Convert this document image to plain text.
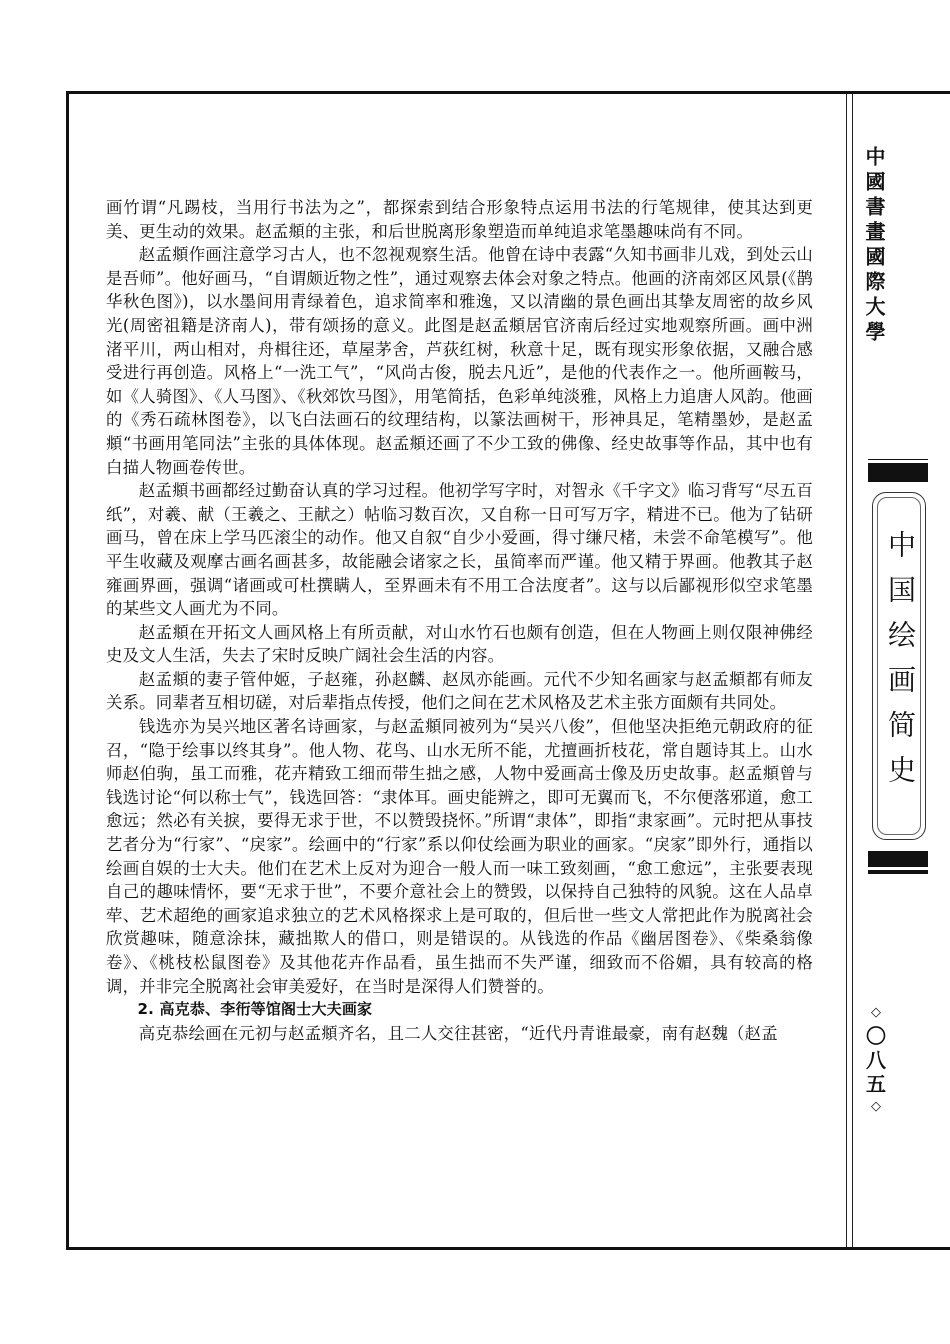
画竹谓“凡踢枝，当用行书法为之”，都探索到结合形象特点运用书法的行笔规律，使其达到更美、更生动的效果。赵孟頫的主张，和后世脱离形象塑造而单纯追求笔墨趣味尚有不同。

赵孟頫作画注意学习古人，也不忽视观察生活。他曾在诗中表露“久知书画非儿戏，到处云山是吾师”。他好画马，“自谓颇近物之性”，通过观察去体会对象之特点。他画的济南郊区风景(《鹊华秋色图》)，以水墨间用青绿着色，追求简率和雅逸，又以清幽的景色画出其挚友周密的故乡风光(周密祖籍是济南人)，带有颂扬的意义。此图是赵孟頫居官济南后经过实地观察所画。画中洲渚平川，两山相对，舟楫往还，草屋茅舍，芦荻红树，秋意十足，既有现实形象依据，又融合感受进行再创造。风格上“一洗工气”，“风尚古俊，脱去凡近”，是他的代表作之一。他所画鞍马，如《人骑图》、《人马图》、《秋郊饮马图》，用笔简括，色彩单纯淡雅，风格上力追唐人风韵。他画的《秀石疏林图卷》，以飞白法画石的纹理结构，以篆法画树干，形神具足，笔精墨妙，是赵孟頫“书画用笔同法”主张的具体体现。赵孟頫还画了不少工致的佛像、经史故事等作品，其中也有白描人物画卷传世。

赵孟頫书画都经过勤奋认真的学习过程。他初学写字时，对智永《千字文》临习背写“尽五百纸”，对羲、献（王羲之、王献之）帖临习数百次，又自称一日可写万字，精进不已。他为了钻研画马，曾在床上学马匹滚尘的动作。他又自叙“自少小爱画，得寸缣尺楮，未尝不命笔模写”。他平生收藏及观摩古画名画甚多，故能融会诸家之长，虽简率而严谨。他又精于界画。他教其子赵雍画界画，强调“诸画或可杜撰瞒人，至界画未有不用工合法度者”。这与以后鄙视形似空求笔墨的某些文人画尤为不同。

赵孟頫在开拓文人画风格上有所贡献，对山水竹石也颇有创造，但在人物画上则仅限神佛经史及文人生活，失去了宋时反映广阔社会生活的内容。

赵孟頫的妻子管仲姬，子赵雍，孙赵麟、赵凤亦能画。元代不少知名画家与赵孟頫都有师友关系。同辈者互相切磋，对后辈指点传授，他们之间在艺术风格及艺术主张方面颇有共同处。

钱选亦为吴兴地区著名诗画家，与赵孟頫同被列为“吴兴八俊”，但他坚决拒绝元朝政府的征召，“隐于绘事以终其身”。他人物、花鸟、山水无所不能，尤擅画折枝花，常自题诗其上。山水师赵伯驹，虽工而雅，花卉精致工细而带生拙之感，人物中爱画高士像及历史故事。赵孟頫曾与钱选讨论“何以称士气”，钱选回答：“隶体耳。画史能辨之，即可无翼而飞，不尔便落邪道，愈工愈远；然必有关捩，要得无求于世，不以赞毁挠怀。”所谓“隶体”，即指“隶家画”。元时把从事技艺者分为“行家”、“戾家”。绘画中的“行家”系以仰仗绘画为职业的画家。“戾家”即外行，通指以绘画自娱的士大夫。他们在艺术上反对为迎合一般人而一味工致刻画，“愈工愈远”，主张要表现自己的趣味情怀，要“无求于世”，不要介意社会上的赞毁，以保持自己独特的风貌。这在人品卓荦、艺术超绝的画家追求独立的艺术风格探求上是可取的，但后世一些文人常把此作为脱离社会欣赏趣味，随意涂抹，藏拙欺人的借口，则是错误的。从钱选的作品《幽居图卷》、《柴桑翁像卷》、《桃枝松鼠图卷》及其他花卉作品看，虽生拙而不失严谨，细致而不俗媚，具有较高的格调，并非完全脱离社会审美爱好，在当时是深得人们赞誉的。

2. 高克恭、李衎等馆阁士大夫画家

高克恭绘画在元初与赵孟頫齐名，且二人交往甚密，“近代丹青谁最豪，南有赵魏（赵孟

中國書畫國際大學
中国绘画简史
◇
〇
八
五
◇
